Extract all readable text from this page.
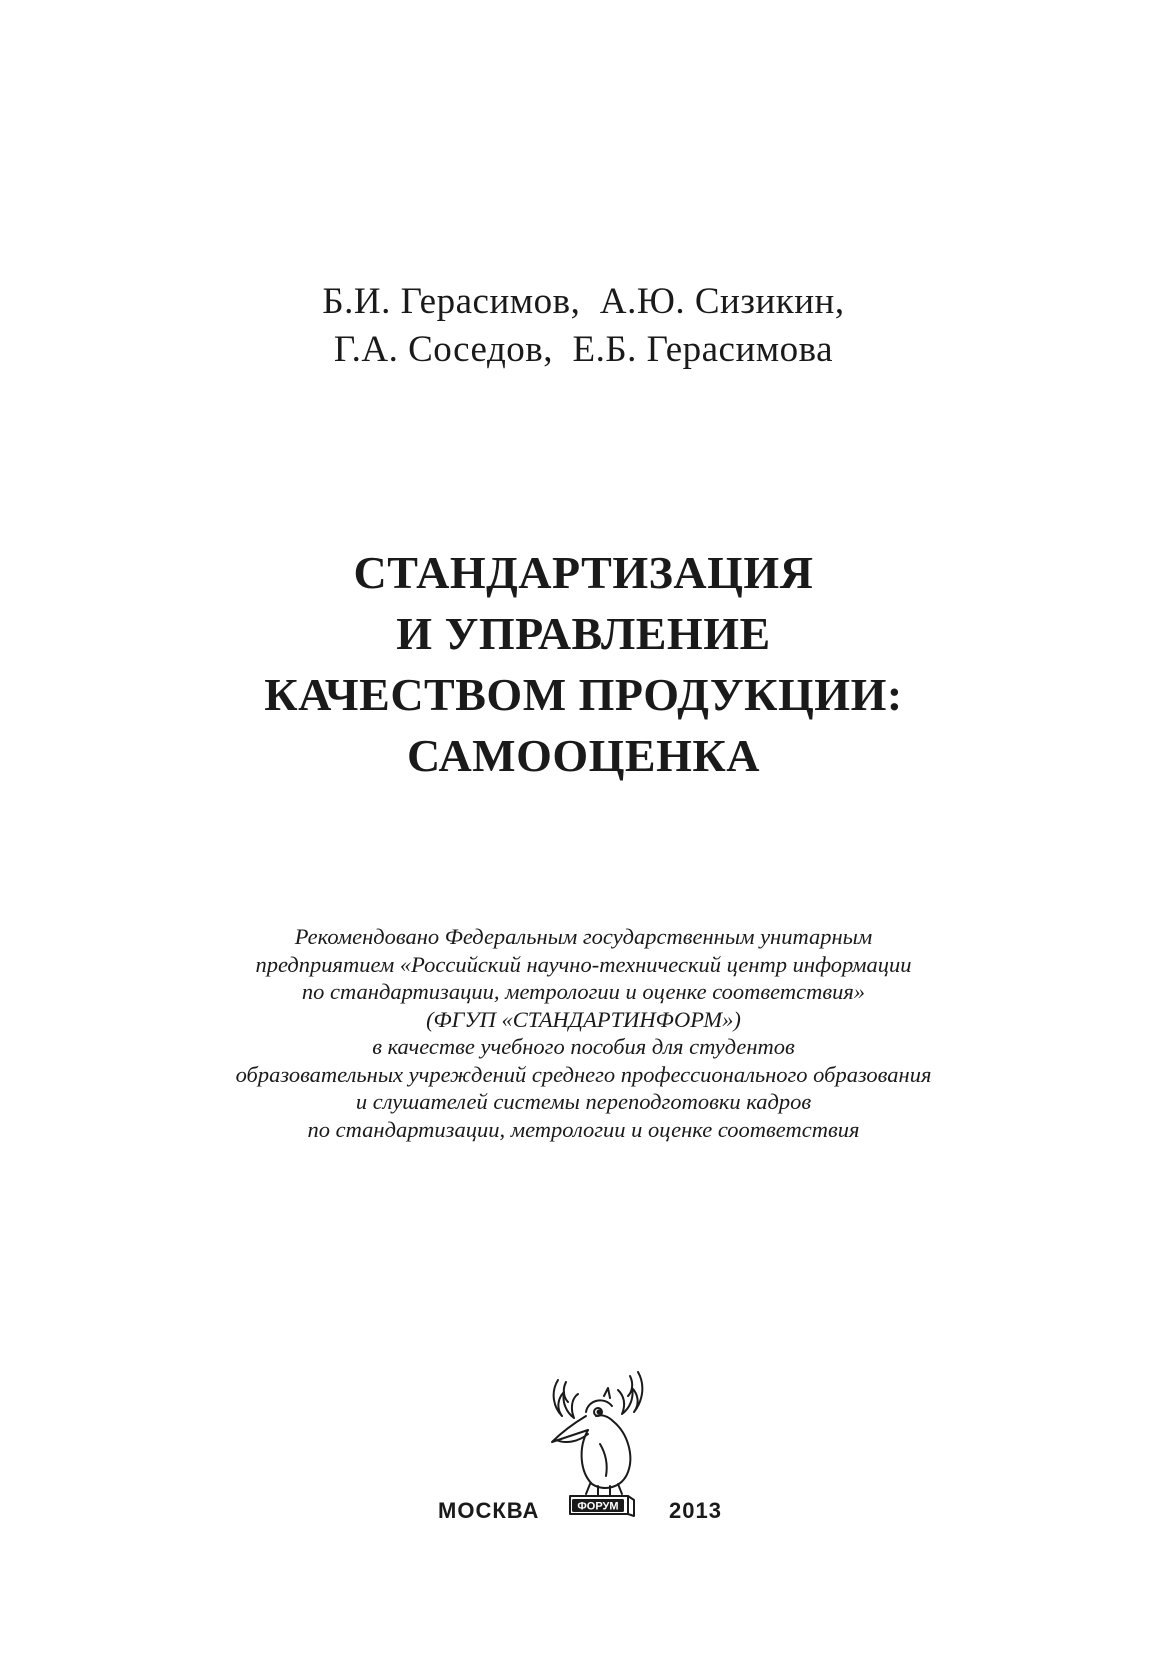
Б.И. Герасимов,  А.Ю. Сизикин,
Г.А. Соседов,  Е.Б. Герасимова
СТАНДАРТИЗАЦИЯ
И УПРАВЛЕНИЕ
КАЧЕСТВОМ ПРОДУКЦИИ:
САМООЦЕНКА
Рекомендовано Федеральным государственным унитарным
предприятием «Российский научно-технический центр информации
по стандартизации, метрологии и оценке соответствия»
(ФГУП «СТАНДАРТИНФОРМ»)
в качестве учебного пособия для студентов
образовательных учреждений среднего профессионального образования
и слушателей системы переподготовки кадров
по стандартизации, метрологии и оценке соответствия
МОСКВА	ФОРУМ 2013
